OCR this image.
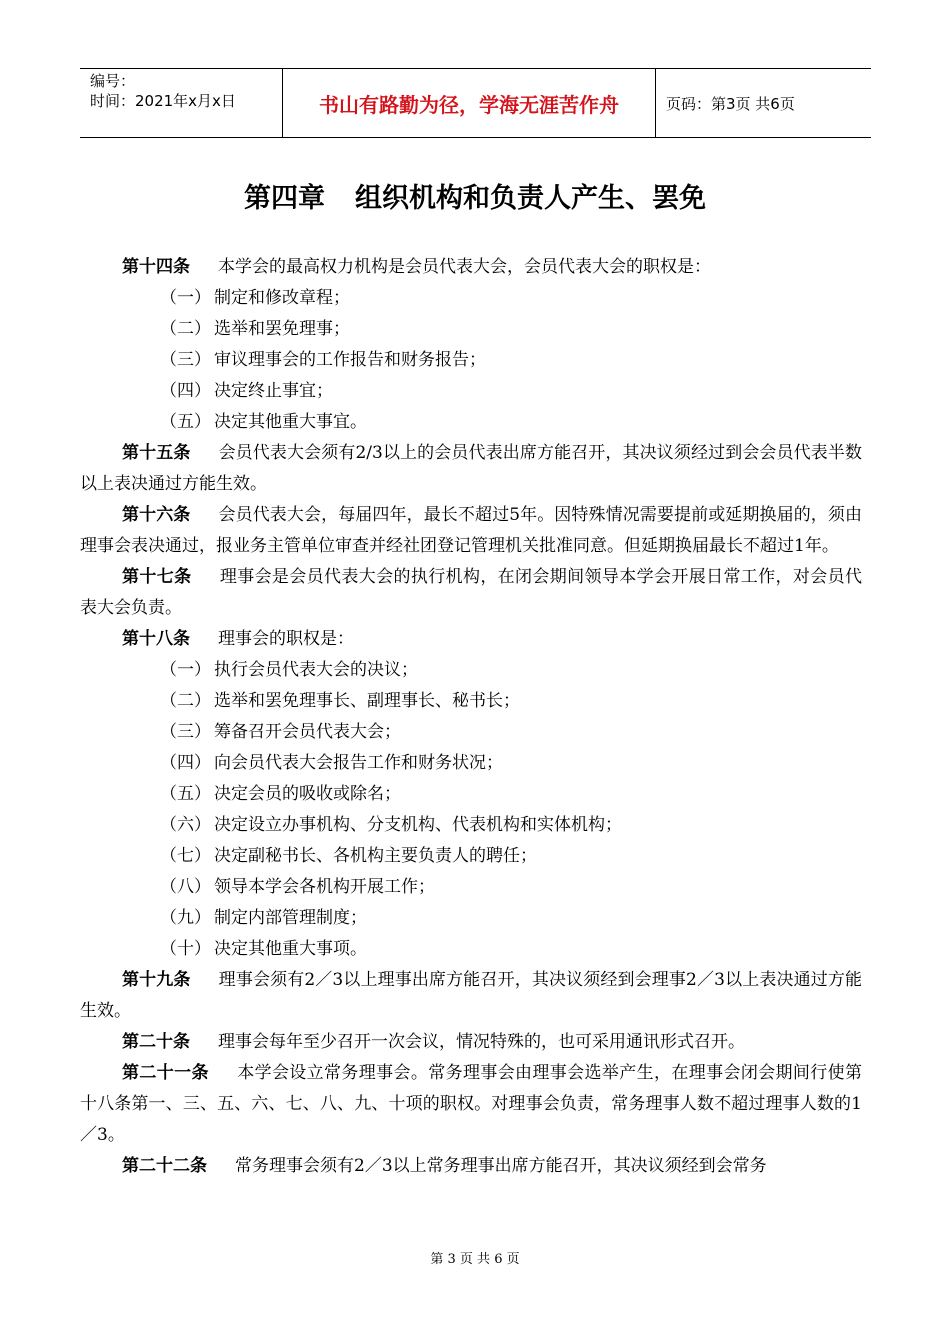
编号：
时间：2021年x月x日	书山有路勤为径，学海无涯苦作舟	页码：第3页 共6页
第四章 组织机构和负责人产生、罢免
第十四条 本学会的最高权力机构是会员代表大会，会员代表大会的职权是：
（一） 制定和修改章程；
（二） 选举和罢免理事；
（三） 审议理事会的工作报告和财务报告；
（四） 决定终止事宜；
（五） 决定其他重大事宜。
第十五条 会员代表大会须有2/3以上的会员代表出席方能召开，其决议须经过到会会员代表半数以上表决通过方能生效。
第十六条 会员代表大会，每届四年，最长不超过5年。因特殊情况需要提前或延期换届的，须由理事会表决通过，报业务主管单位审查并经社团登记管理机关批准同意。但延期换届最长不超过1年。
第十七条 理事会是会员代表大会的执行机构，在闭会期间领导本学会开展日常工作，对会员代表大会负责。
第十八条 理事会的职权是：
（一） 执行会员代表大会的决议；
（二） 选举和罢免理事长、副理事长、秘书长；
（三） 筹备召开会员代表大会；
（四） 向会员代表大会报告工作和财务状况；
（五） 决定会员的吸收或除名；
（六） 决定设立办事机构、分支机构、代表机构和实体机构；
（七） 决定副秘书长、各机构主要负责人的聘任；
（八） 领导本学会各机构开展工作；
（九） 制定内部管理制度；
（十） 决定其他重大事项。
第十九条 理事会须有2／3以上理事出席方能召开，其决议须经到会理事2／3以上表决通过方能生效。
第二十条 理事会每年至少召开一次会议，情况特殊的，也可采用通讯形式召开。
第二十一条 本学会设立常务理事会。常务理事会由理事会选举产生，在理事会闭会期间行使第十八条第一、三、五、六、七、八、九、十项的职权。对理事会负责，常务理事人数不超过理事人数的1／3。
第二十二条 常务理事会须有2／3以上常务理事出席方能召开，其决议须经到会常务
第 3 页 共 6 页
